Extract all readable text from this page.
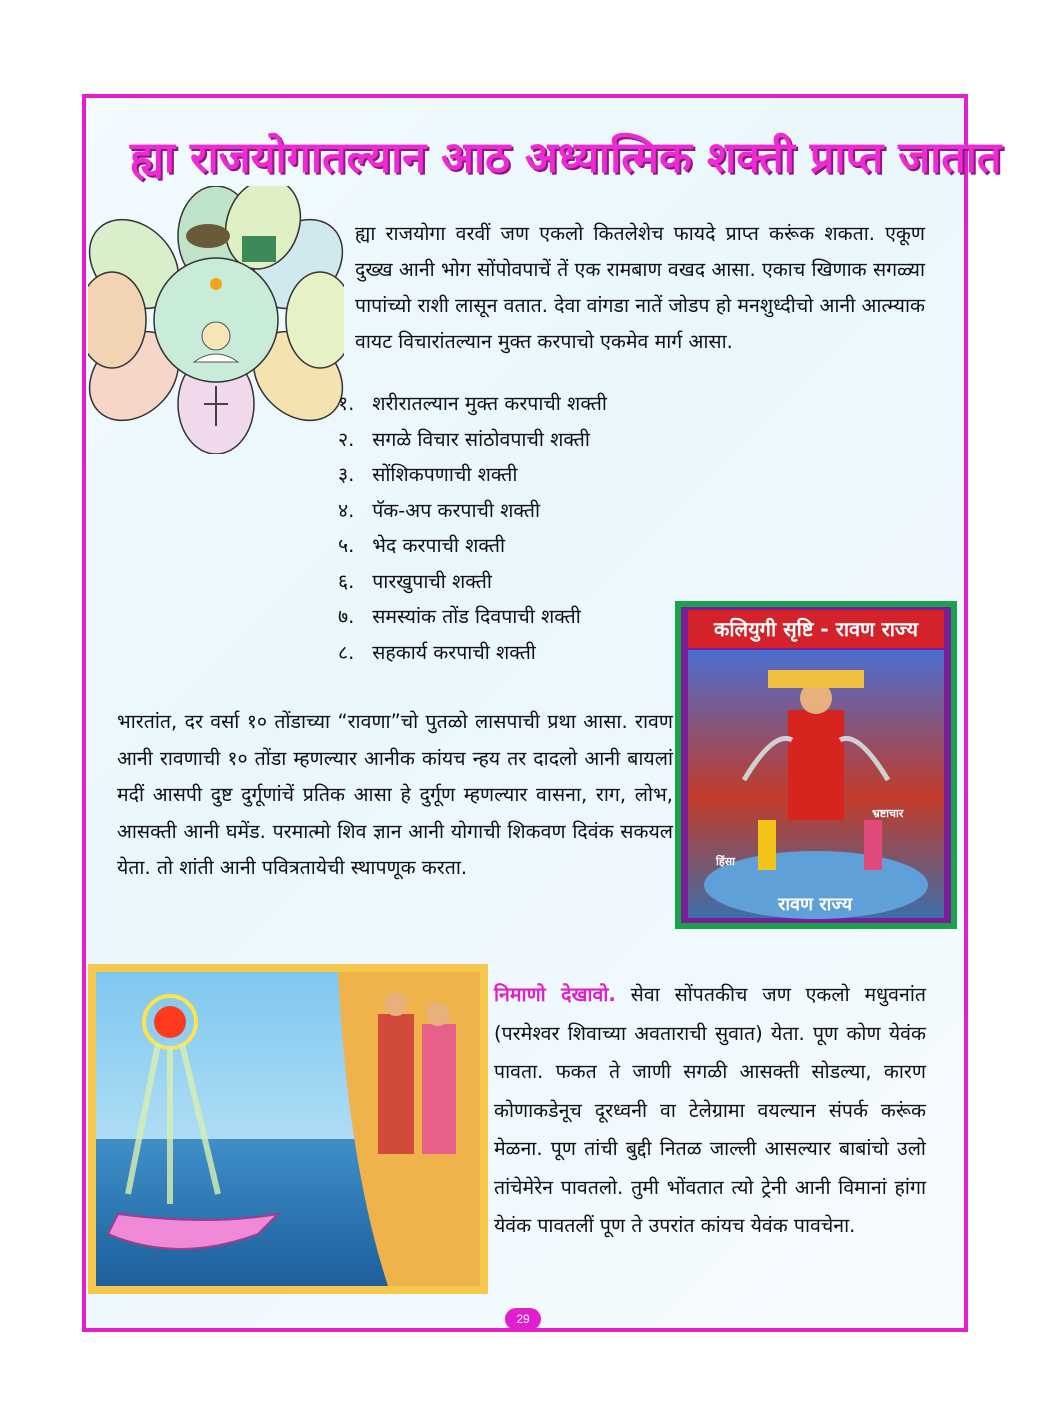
ह्या राजयोगातल्यान आठ अध्यात्मिक शक्ती प्राप्त जातात
ह्या राजयोगा वरवीं जण एकलो कितलेशेच फायदे प्राप्त करूंक शकता. एकूण दुख्ख आनी भोग सोंपोवपाचें तें एक रामबाण वखद आसा. एकाच खिणाक सगळ्या पापांच्यो राशी लासून वतात. देवा वांगडा नातें जोडप हो मनशुध्दीचो आनी आत्म्याक वायट विचारांतल्यान मुक्त करपाचो एकमेव मार्ग आसा.
१. शरीरातल्यान मुक्त करपाची शक्ती
२. सगळे विचार सांठोवपाची शक्ती
३. सोंशिकपणाची शक्ती
४. पॅक-अप करपाची शक्ती
५. भेद करपाची शक्ती
६. पारखुपाची शक्ती
७. समस्यांक तोंड दिवपाची शक्ती
८. सहकार्य करपाची शक्ती
कलियुगी सृष्टि - रावण राज्य
हिंसा
भ्रष्टाचार
रावण राज्य
भारतांत, दर वर्सा १० तोंडाच्या “रावणा”चो पुतळो लासपाची प्रथा आसा. रावण आनी रावणाची १० तोंडा म्हणल्यार आनीक कांयच न्हय तर दादलो आनी बायलां मदीं आसपी दुष्ट दुर्गूणांचें प्रतिक आसा हे दुर्गूण म्हणल्यार वासना, राग, लोभ, आसक्ती आनी घमेंड. परमात्मो शिव ज्ञान आनी योगाची शिकवण दिवंक सकयल येता. तो शांती आनी पवित्रतायेची स्थापणूक करता.
निमाणो देखावो. सेवा सोंपतकीच जण एकलो मधुवनांत (परमेश्वर शिवाच्या अवताराची सुवात) येता. पूण कोण येवंक पावता. फकत ते जाणी सगळी आसक्ती सोडल्या, कारण कोणाकडेनूच दूरध्वनी वा टेलेग्रामा वयल्यान संपर्क करूंक मेळना. पूण तांची बुद्दी नितळ जाल्ली आसल्यार बाबांचो उलो तांचेमेरेन पावतलो. तुमी भोंवतात त्यो ट्रेनी आनी विमानां हांगा येवंक पावतलीं पूण ते उपरांत कांयच येवंक पावचेना.
29
